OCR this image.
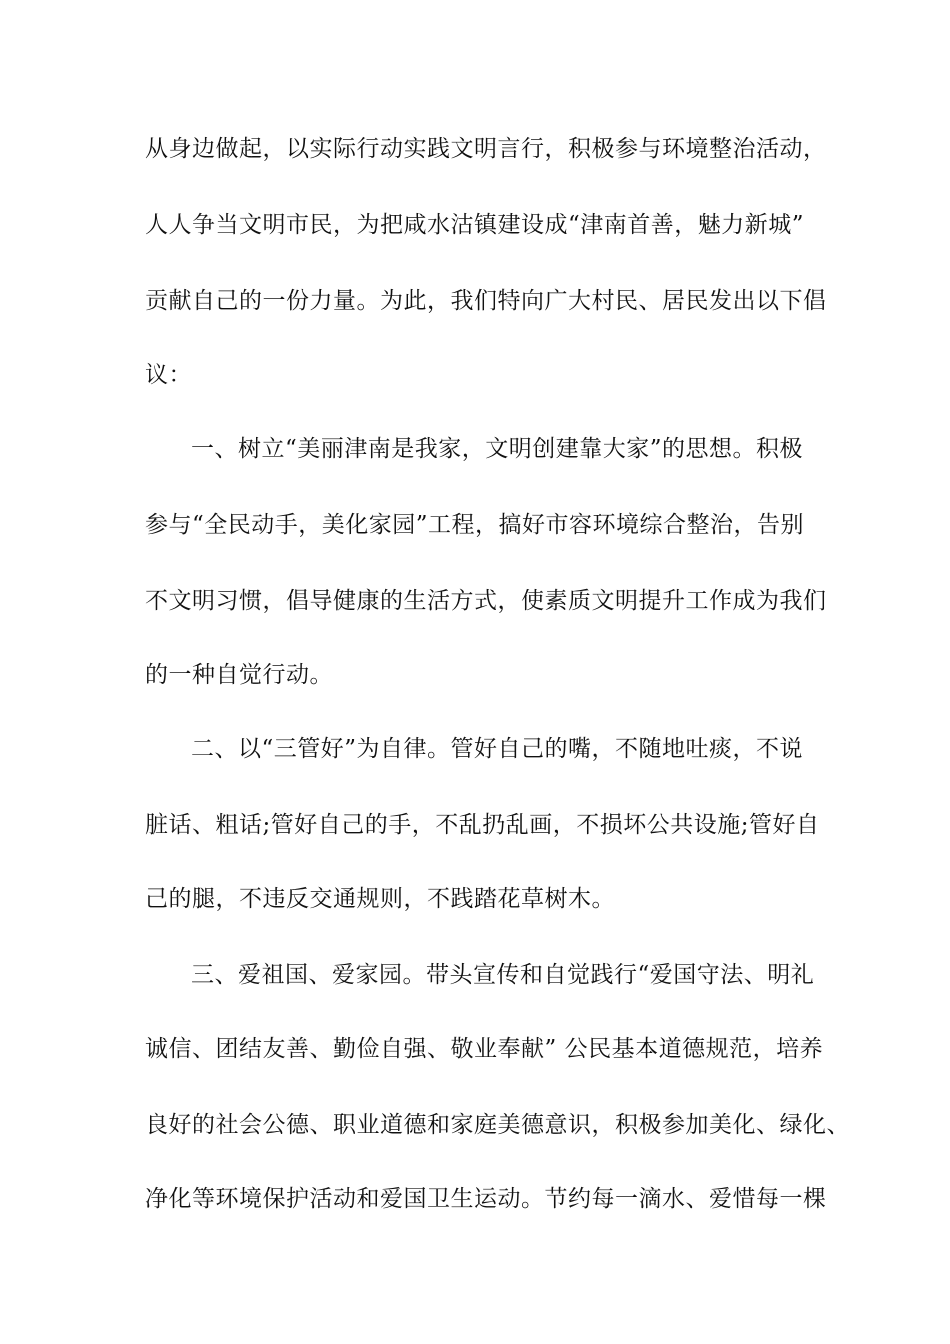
从身边做起，以实际行动实践文明言行，积极参与环境整治活动，
人人争当文明市民，为把咸水沽镇建设成“津南首善，魅力新城”
贡献自己的一份力量。为此，我们特向广大村民、居民发出以下倡
议：
一、树立“美丽津南是我家，文明创建靠大家”的思想。积极
参与“全民动手，美化家园”工程，搞好市容环境综合整治，告别
不文明习惯，倡导健康的生活方式，使素质文明提升工作成为我们
的一种自觉行动。
二、以“三管好”为自律。管好自己的嘴，不随地吐痰，不说
脏话、粗话;管好自己的手，不乱扔乱画，不损坏公共设施;管好自
己的腿，不违反交通规则，不践踏花草树木。
三、爱祖国、爱家园。带头宣传和自觉践行“爱国守法、明礼
诚信、团结友善、勤俭自强、敬业奉献” 公民基本道德规范，培养
良好的社会公德、职业道德和家庭美德意识，积极参加美化、绿化、
净化等环境保护活动和爱国卫生运动。节约每一滴水、爱惜每一棵
